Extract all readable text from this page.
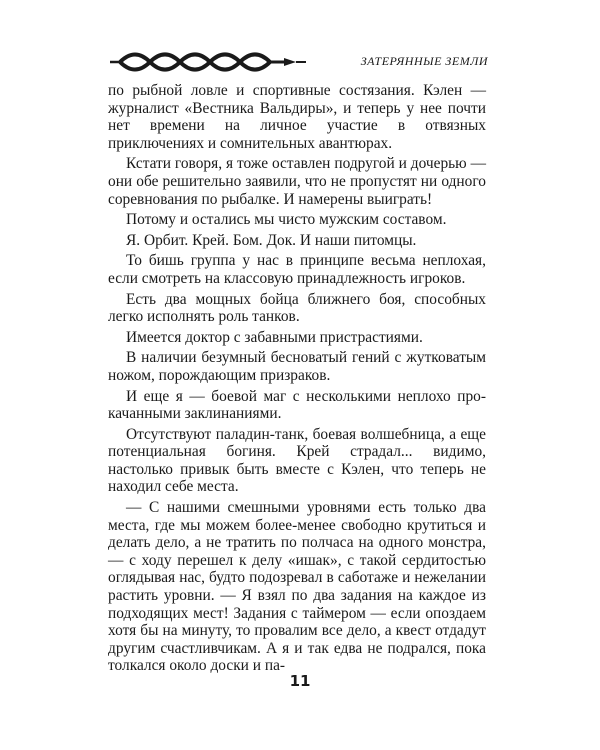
ЗАТЕРЯННЫЕ ЗЕМЛИ

по рыбной ловле и спортивные состязания. Кэлен — журналист «Вестника Вальдиры», и теперь у нее почти нет времени на личное участие в отвязных приключениях и сомнительных авантюрах.

Кстати говоря, я тоже оставлен подругой и дочерью — они обе решительно заявили, что не пропустят ни одного соревнования по рыбалке. И намерены выиграть!

Потому и остались мы чисто мужским составом.

Я. Орбит. Крей. Бом. Док. И наши питомцы.

То бишь группа у нас в принципе весьма неплохая, если смотреть на классовую принадлежность игроков.

Есть два мощных бойца ближнего боя, способных легко исполнять роль танков.

Имеется доктор с забавными пристрастиями.

В наличии безумный бесноватый гений с жутковатым ножом, порождающим призраков.

И еще я — боевой маг с несколькими неплохо прокачанными заклинаниями.

Отсутствуют паладин-танк, боевая волшебница, а еще потенциальная богиня. Крей страдал... видимо, настолько привык быть вместе с Кэлен, что теперь не находил себе места.

— С нашими смешными уровнями есть только два места, где мы можем более-менее свободно крутиться и делать дело, а не тратить по полчаса на одного монстра, — с ходу перешел к делу «ишак», с такой сердитостью оглядывая нас, будто подозревал в саботаже и нежелании растить уровни. — Я взял по два задания на каждое из подходящих мест! Задания с таймером — если опоздаем хотя бы на минуту, то провалим все дело, а квест отдадут другим счастливчикам. А я и так едва не подрался, пока толкался около доски и па-

11
